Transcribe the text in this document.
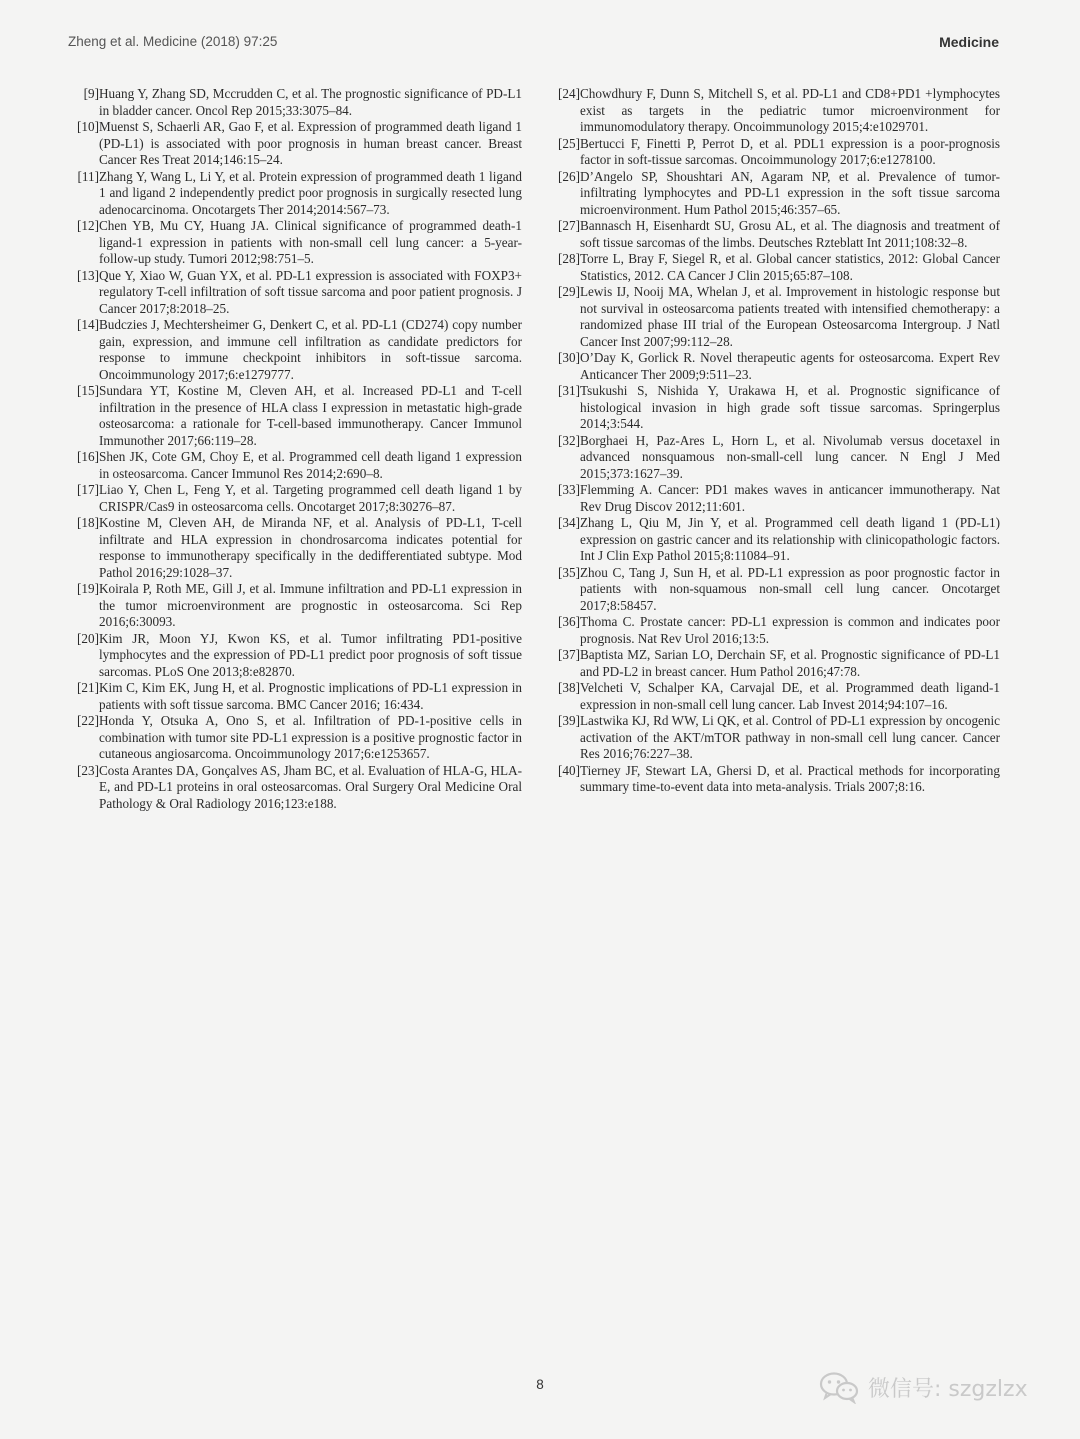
Zheng et al. Medicine (2018) 97:25	Medicine
[9] Huang Y, Zhang SD, Mccrudden C, et al. The prognostic significance of PD-L1 in bladder cancer. Oncol Rep 2015;33:3075–84.
[10] Muenst S, Schaerli AR, Gao F, et al. Expression of programmed death ligand 1 (PD-L1) is associated with poor prognosis in human breast cancer. Breast Cancer Res Treat 2014;146:15–24.
[11] Zhang Y, Wang L, Li Y, et al. Protein expression of programmed death 1 ligand 1 and ligand 2 independently predict poor prognosis in surgically resected lung adenocarcinoma. Oncotargets Ther 2014;2014:567–73.
[12] Chen YB, Mu CY, Huang JA. Clinical significance of programmed death-1 ligand-1 expression in patients with non-small cell lung cancer: a 5-year-follow-up study. Tumori 2012;98:751–5.
[13] Que Y, Xiao W, Guan YX, et al. PD-L1 expression is associated with FOXP3+ regulatory T-cell infiltration of soft tissue sarcoma and poor patient prognosis. J Cancer 2017;8:2018–25.
[14] Budczies J, Mechtersheimer G, Denkert C, et al. PD-L1 (CD274) copy number gain, expression, and immune cell infiltration as candidate predictors for response to immune checkpoint inhibitors in soft-tissue sarcoma. Oncoimmunology 2017;6:e1279777.
[15] Sundara YT, Kostine M, Cleven AH, et al. Increased PD-L1 and T-cell infiltration in the presence of HLA class I expression in metastatic high-grade osteosarcoma: a rationale for T-cell-based immunotherapy. Cancer Immunol Immunother 2017;66:119–28.
[16] Shen JK, Cote GM, Choy E, et al. Programmed cell death ligand 1 expression in osteosarcoma. Cancer Immunol Res 2014;2:690–8.
[17] Liao Y, Chen L, Feng Y, et al. Targeting programmed cell death ligand 1 by CRISPR/Cas9 in osteosarcoma cells. Oncotarget 2017;8:30276–87.
[18] Kostine M, Cleven AH, de Miranda NF, et al. Analysis of PD-L1, T-cell infiltrate and HLA expression in chondrosarcoma indicates potential for response to immunotherapy specifically in the dedifferentiated subtype. Mod Pathol 2016;29:1028–37.
[19] Koirala P, Roth ME, Gill J, et al. Immune infiltration and PD-L1 expression in the tumor microenvironment are prognostic in osteosarcoma. Sci Rep 2016;6:30093.
[20] Kim JR, Moon YJ, Kwon KS, et al. Tumor infiltrating PD1-positive lymphocytes and the expression of PD-L1 predict poor prognosis of soft tissue sarcomas. PLoS One 2013;8:e82870.
[21] Kim C, Kim EK, Jung H, et al. Prognostic implications of PD-L1 expression in patients with soft tissue sarcoma. BMC Cancer 2016; 16:434.
[22] Honda Y, Otsuka A, Ono S, et al. Infiltration of PD-1-positive cells in combination with tumor site PD-L1 expression is a positive prognostic factor in cutaneous angiosarcoma. Oncoimmunology 2017;6:e1253657.
[23] Costa Arantes DA, Gonçalves AS, Jham BC, et al. Evaluation of HLA-G, HLA-E, and PD-L1 proteins in oral osteosarcomas. Oral Surgery Oral Medicine Oral Pathology & Oral Radiology 2016;123:e188.
[24] Chowdhury F, Dunn S, Mitchell S, et al. PD-L1 and CD8+PD1 +lymphocytes exist as targets in the pediatric tumor microenvironment for immunomodulatory therapy. Oncoimmunology 2015;4:e1029701.
[25] Bertucci F, Finetti P, Perrot D, et al. PDL1 expression is a poor-prognosis factor in soft-tissue sarcomas. Oncoimmunology 2017;6:e1278100.
[26] D’Angelo SP, Shoushtari AN, Agaram NP, et al. Prevalence of tumor-infiltrating lymphocytes and PD-L1 expression in the soft tissue sarcoma microenvironment. Hum Pathol 2015;46:357–65.
[27] Bannasch H, Eisenhardt SU, Grosu AL, et al. The diagnosis and treatment of soft tissue sarcomas of the limbs. Deutsches Rzteblatt Int 2011;108:32–8.
[28] Torre L, Bray F, Siegel R, et al. Global cancer statistics, 2012: Global Cancer Statistics, 2012. CA Cancer J Clin 2015;65:87–108.
[29] Lewis IJ, Nooij MA, Whelan J, et al. Improvement in histologic response but not survival in osteosarcoma patients treated with intensified chemotherapy: a randomized phase III trial of the European Osteosarcoma Intergroup. J Natl Cancer Inst 2007;99:112–28.
[30] O’Day K, Gorlick R. Novel therapeutic agents for osteosarcoma. Expert Rev Anticancer Ther 2009;9:511–23.
[31] Tsukushi S, Nishida Y, Urakawa H, et al. Prognostic significance of histological invasion in high grade soft tissue sarcomas. Springerplus 2014;3:544.
[32] Borghaei H, Paz-Ares L, Horn L, et al. Nivolumab versus docetaxel in advanced nonsquamous non-small-cell lung cancer. N Engl J Med 2015;373:1627–39.
[33] Flemming A. Cancer: PD1 makes waves in anticancer immunotherapy. Nat Rev Drug Discov 2012;11:601.
[34] Zhang L, Qiu M, Jin Y, et al. Programmed cell death ligand 1 (PD-L1) expression on gastric cancer and its relationship with clinicopathologic factors. Int J Clin Exp Pathol 2015;8:11084–91.
[35] Zhou C, Tang J, Sun H, et al. PD-L1 expression as poor prognostic factor in patients with non-squamous non-small cell lung cancer. Oncotarget 2017;8:58457.
[36] Thoma C. Prostate cancer: PD-L1 expression is common and indicates poor prognosis. Nat Rev Urol 2016;13:5.
[37] Baptista MZ, Sarian LO, Derchain SF, et al. Prognostic significance of PD-L1 and PD-L2 in breast cancer. Hum Pathol 2016;47:78.
[38] Velcheti V, Schalper KA, Carvajal DE, et al. Programmed death ligand-1 expression in non-small cell lung cancer. Lab Invest 2014;94:107–16.
[39] Lastwika KJ, Rd WW, Li QK, et al. Control of PD-L1 expression by oncogenic activation of the AKT/mTOR pathway in non-small cell lung cancer. Cancer Res 2016;76:227–38.
[40] Tierney JF, Stewart LA, Ghersi D, et al. Practical methods for incorporating summary time-to-event data into meta-analysis. Trials 2007;8:16.
8	微信号: szgzlzx
